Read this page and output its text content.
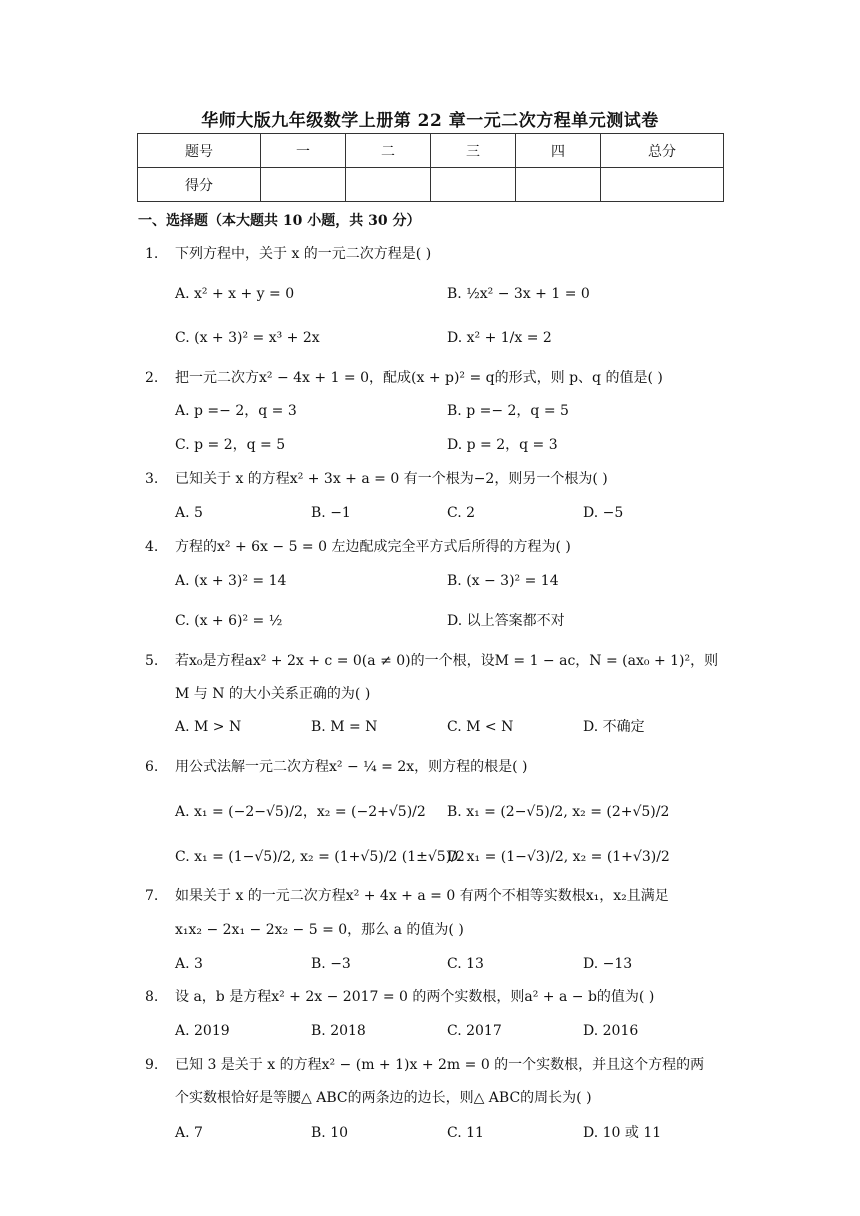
华师大版九年级数学上册第 22 章一元二次方程单元测试卷
题号	一	二	三	四	总分
得分					
一、选择题（本大题共 10 小题，共 30 分）
1.	下列方程中，关于 x 的一元二次方程是( )
A. x² + x + y = 0	B. ½x² − 3x + 1 = 0
C. (x + 3)² = x³ + 2x	D. x² + 1/x = 2
2.	把一元二次方x² − 4x + 1 = 0，配成(x + p)² = q的形式，则 p、q 的值是( )
A. p =− 2，q = 3	B. p =− 2，q = 5
C. p = 2，q = 5	D. p = 2，q = 3
3.	已知关于 x 的方程x² + 3x + a = 0 有一个根为−2，则另一个根为( )
A. 5	B. −1	C. 2	D. −5
4.	方程的x² + 6x − 5 = 0 左边配成完全平方式后所得的方程为( )
A. (x + 3)² = 14	B. (x − 3)² = 14
C. (x + 6)² = ½	D. 以上答案都不对
5.	若x₀是方程ax² + 2x + c = 0(a ≠ 0)的一个根，设M = 1 − ac，N = (ax₀ + 1)²，则
M 与 N 的大小关系正确的为( )
A. M > N	B. M = N	C. M < N	D. 不确定
6.	用公式法解一元二次方程x² − ¼ = 2x，则方程的根是( )
A. x₁ = (−2−√5)/2，x₂ = (−2+√5)/2 B. x₁ = (2−√5)/2, x₂ = (2+√5)/2
C. x₁ = (1−√5)/2, x₂ = (1+√5)/2 (1±√5)/2
D. x₁ = (1−√3)/2, x₂ = (1+√3)/2
7.	如果关于 x 的一元二次方程x² + 4x + a = 0 有两个不相等实数根x₁，x₂且满足
x₁x₂ − 2x₁ − 2x₂ − 5 = 0，那么 a 的值为( )
A. 3	B. −3	C. 13	D. −13
8.	设 a，b 是方程x² + 2x − 2017 = 0 的两个实数根，则a² + a − b的值为( )
A. 2019	B. 2018	C. 2017	D. 2016
9.	已知 3 是关于 x 的方程x² − (m + 1)x + 2m = 0 的一个实数根，并且这个方程的两
个实数根恰好是等腰△ ABC的两条边的边长，则△ ABC的周长为( )
A. 7	B. 10	C. 11	D. 10 或 11
